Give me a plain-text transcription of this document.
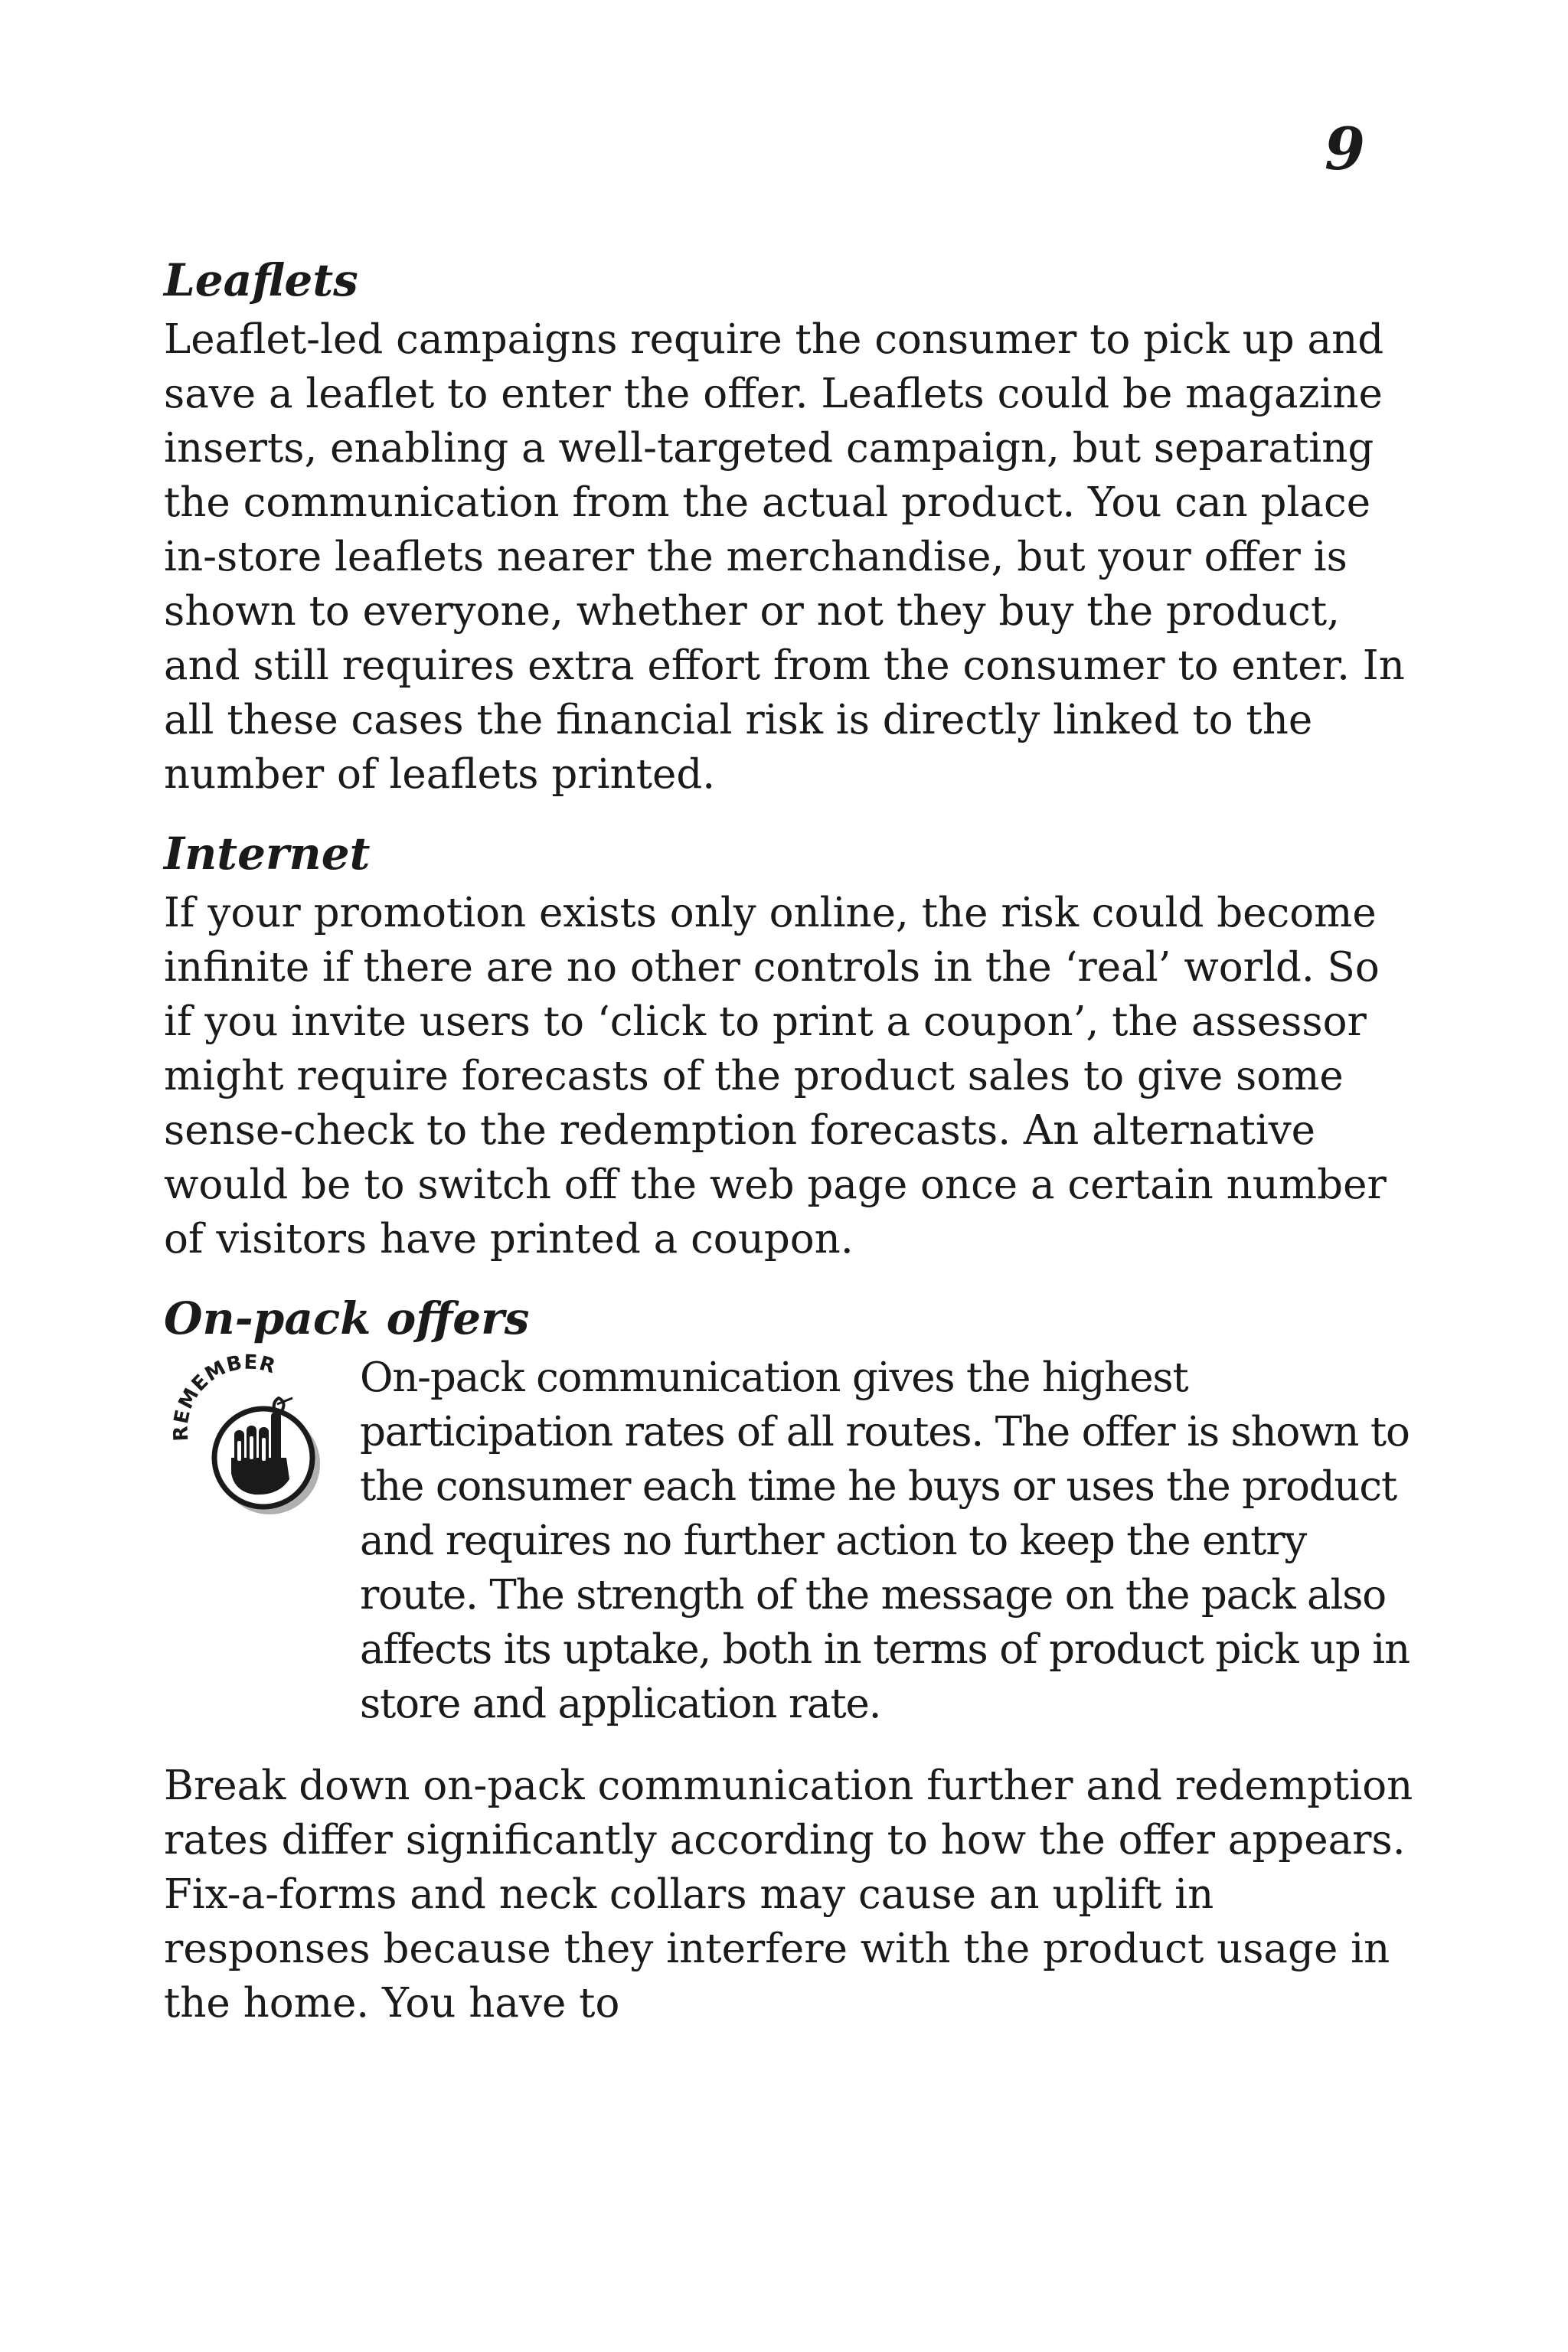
9
Leaflets

Leaflet-led campaigns require the consumer to pick up and save a leaflet to enter the offer. Leaflets could be magazine inserts, enabling a well-targeted campaign, but separating the communication from the actual product. You can place in-store leaflets nearer the merchandise, but your offer is shown to everyone, whether or not they buy the product, and still requires extra effort from the consumer to enter. In all these cases the financial risk is directly linked to the number of leaflets printed.

Internet

If your promotion exists only online, the risk could become infinite if there are no other controls in the ‘real’ world. So if you invite users to ‘click to print a coupon’, the assessor might require forecasts of the product sales to give some sense-check to the redemption forecasts. An alternative would be to switch off the web page once a certain number of visitors have printed a coupon.

On-pack offers
REMEMBER On-pack communication gives the highest participation rates of all routes. The offer is shown to the consumer each time he buys or uses the product and requires no further action to keep the entry route. The strength of the message on the pack also affects its uptake, both in terms of product pick up in store and application rate.

Break down on-pack communication further and redemption rates differ significantly according to how the offer appears. Fix-a-forms and neck collars may cause an uplift in responses because they interfere with the product usage in the home. You have to
